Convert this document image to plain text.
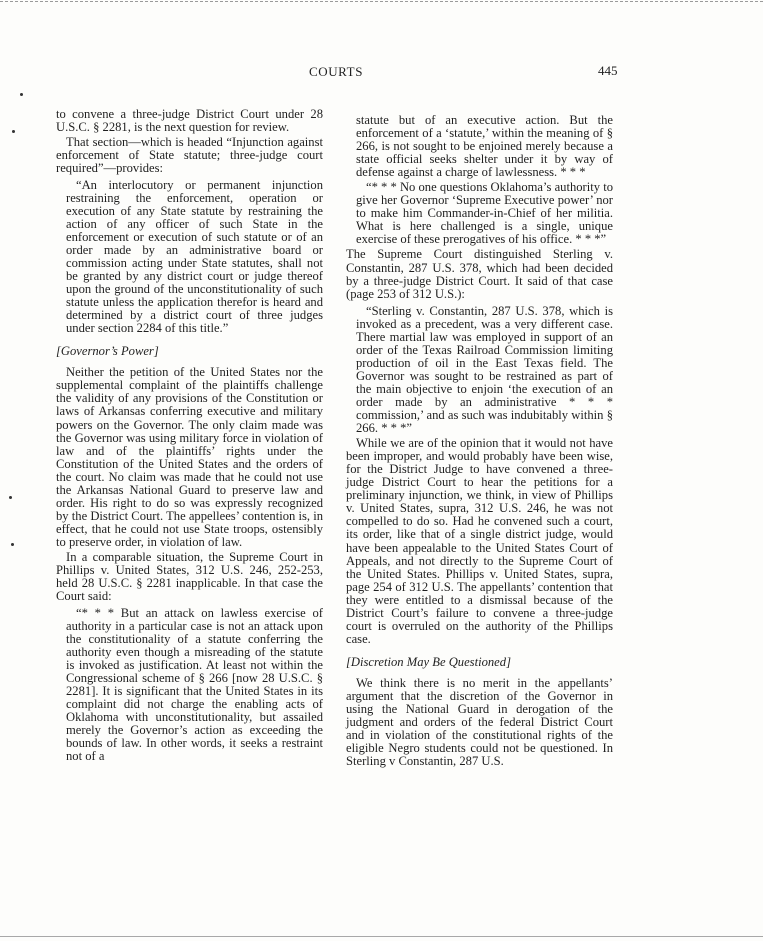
COURTS	445

to convene a three-judge District Court under 28 U.S.C. § 2281, is the next question for review.

That section—which is headed “Injunction against enforcement of State statute; three-judge court required”—provides:

“An interlocutory or permanent injunction restraining the enforcement, operation or execution of any State statute by restraining the action of any officer of such State in the enforcement or execution of such statute or of an order made by an administrative board or commission acting under State statutes, shall not be granted by any district court or judge thereof upon the ground of the unconstitutionality of such statute unless the application therefor is heard and determined by a district court of three judges under section 2284 of this title.”

[Governor’s Power]

Neither the petition of the United States nor the supplemental complaint of the plaintiffs challenge the validity of any provisions of the Constitution or laws of Arkansas conferring executive and military powers on the Governor. The only claim made was the Governor was using military force in violation of law and of the plaintiffs’ rights under the Constitution of the United States and the orders of the court. No claim was made that he could not use the Arkansas National Guard to preserve law and order. His right to do so was expressly recognized by the District Court. The appellees’ contention is, in effect, that he could not use State troops, ostensibly to preserve order, in violation of law.

In a comparable situation, the Supreme Court in Phillips v. United States, 312 U.S. 246, 252-253, held 28 U.S.C. § 2281 inapplicable. In that case the Court said:

“* * * But an attack on lawless exercise of authority in a particular case is not an attack upon the constitutionality of a statute conferring the authority even though a misreading of the statute is invoked as justification. At least not within the Congressional scheme of § 266 [now 28 U.S.C. § 2281]. It is significant that the United States in its complaint did not charge the enabling acts of Oklahoma with unconstitutionality, but assailed merely the Governor’s action as exceeding the bounds of law. In other words, it seeks a restraint not of a

statute but of an executive action. But the enforcement of a ‘statute,’ within the meaning of § 266, is not sought to be enjoined merely because a state official seeks shelter under it by way of defense against a charge of lawlessness. * * *

“* * * No one questions Oklahoma’s authority to give her Governor ‘Supreme Executive power’ nor to make him Commander-in-Chief of her militia. What is here challenged is a single, unique exercise of these prerogatives of his office. * * *”

The Supreme Court distinguished Sterling v. Constantin, 287 U.S. 378, which had been decided by a three-judge District Court. It said of that case (page 253 of 312 U.S.):

“Sterling v. Constantin, 287 U.S. 378, which is invoked as a precedent, was a very different case. There martial law was employed in support of an order of the Texas Railroad Commission limiting production of oil in the East Texas field. The Governor was sought to be restrained as part of the main objective to enjoin ‘the execution of an order made by an administrative * * * commission,’ and as such was indubitably within § 266. * * *”

While we are of the opinion that it would not have been improper, and would probably have been wise, for the District Judge to have convened a three-judge District Court to hear the petitions for a preliminary injunction, we think, in view of Phillips v. United States, supra, 312 U.S. 246, he was not compelled to do so. Had he convened such a court, its order, like that of a single district judge, would have been appealable to the United States Court of Appeals, and not directly to the Supreme Court of the United States. Phillips v. United States, supra, page 254 of 312 U.S. The appellants’ contention that they were entitled to a dismissal because of the District Court’s failure to convene a three-judge court is overruled on the authority of the Phillips case.

[Discretion May Be Questioned]

We think there is no merit in the appellants’ argument that the discretion of the Governor in using the National Guard in derogation of the judgment and orders of the federal District Court and in violation of the constitutional rights of the eligible Negro students could not be questioned. In Sterling v Constantin, 287 U.S.
